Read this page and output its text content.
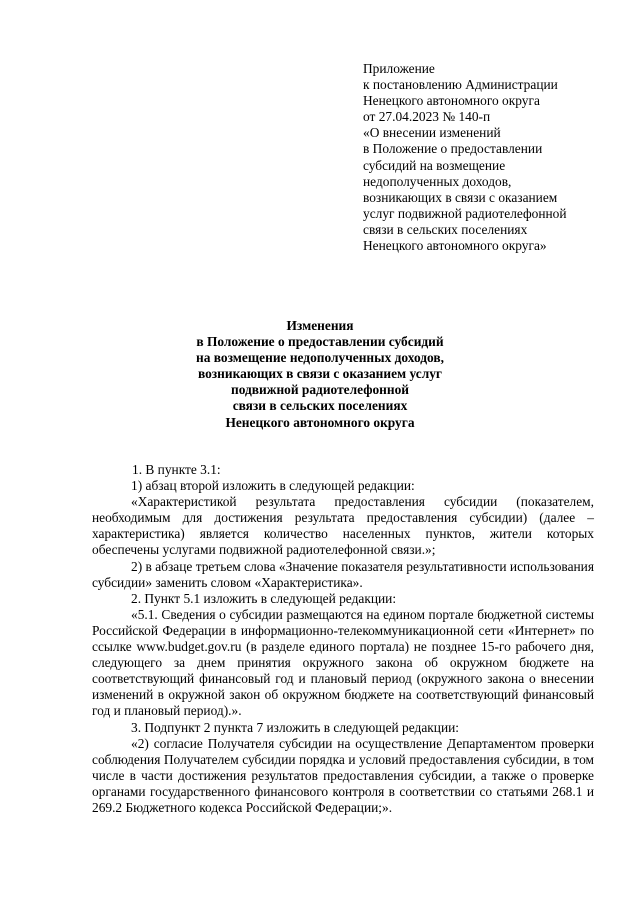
Приложение
к постановлению Администрации
Ненецкого автономного округа
от 27.04.2023 № 140-п
«О внесении изменений
в Положение о предоставлении
субсидий на возмещение
недополученных доходов,
возникающих в связи с оказанием
услуг подвижной радиотелефонной
связи в сельских поселениях
Ненецкого автономного округа»
Изменения
в Положение о предоставлении субсидий
на возмещение недополученных доходов,
возникающих в связи с оказанием услуг
подвижной радиотелефонной
связи в сельских поселениях
Ненецкого автономного округа

1. В пункте 3.1:

1) абзац второй изложить в следующей редакции:

«Характеристикой результата предоставления субсидии (показателем, необходимым для достижения результата предоставления субсидии) (далее – характеристика) является количество населенных пунктов, жители которых обеспечены услугами подвижной радиотелефонной связи.»;

2) в абзаце третьем слова «Значение показателя результативности использования субсидии» заменить словом «Характеристика».

2. Пункт 5.1 изложить в следующей редакции:

«5.1. Сведения о субсидии размещаются на едином портале бюджетной системы Российской Федерации в информационно-телекоммуникационной сети «Интернет» по ссылке www.budget.gov.ru (в разделе единого портала) не позднее 15-го рабочего дня, следующего за днем принятия окружного закона об окружном бюджете на соответствующий финансовый год и плановый период (окружного закона о внесении изменений в окружной закон об окружном бюджете на соответствующий финансовый год и плановый период).».

3. Подпункт 2 пункта 7 изложить в следующей редакции:

«2) согласие Получателя субсидии на осуществление Департаментом проверки соблюдения Получателем субсидии порядка и условий предоставления субсидии, в том числе в части достижения результатов предоставления субсидии, а также о проверке органами государственного финансового контроля в соответствии со статьями 268.1 и 269.2 Бюджетного кодекса Российской Федерации;».
